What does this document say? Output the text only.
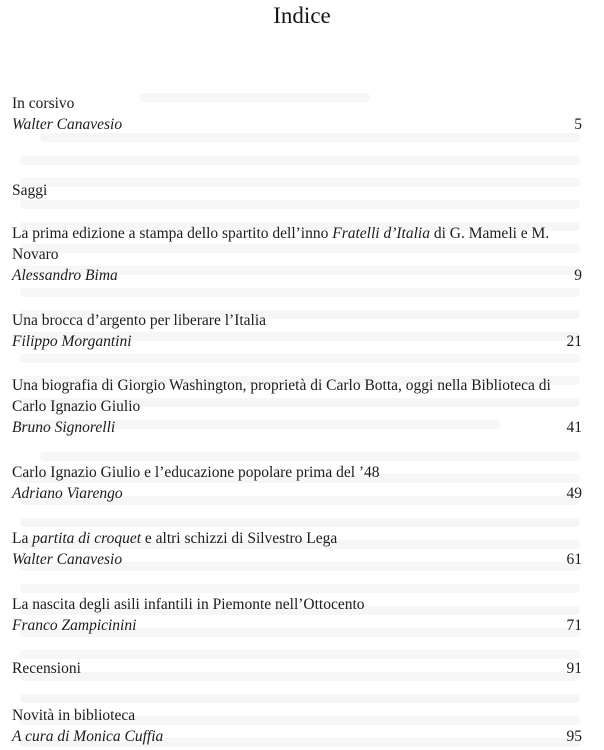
Indice
In corsivo
Walter Canavesio	5
Saggi
La prima edizione a stampa dello spartito dell’inno Fratelli d’Italia di G. Mameli e M. Novaro
Alessandro Bima	9
Una brocca d’argento per liberare l’Italia
Filippo Morgantini	21
Una biografia di Giorgio Washington, proprietà di Carlo Botta, oggi nella Biblioteca di Carlo Ignazio Giulio
Bruno Signorelli	41
Carlo Ignazio Giulio e l’educazione popolare prima del ’48
Adriano Viarengo	49
La partita di croquet e altri schizzi di Silvestro Lega
Walter Canavesio	61
La nascita degli asili infantili in Piemonte nell’Ottocento
Franco Zampicinini	71
Recensioni	91
Novità in biblioteca
A cura di Monica Cuffia	95
